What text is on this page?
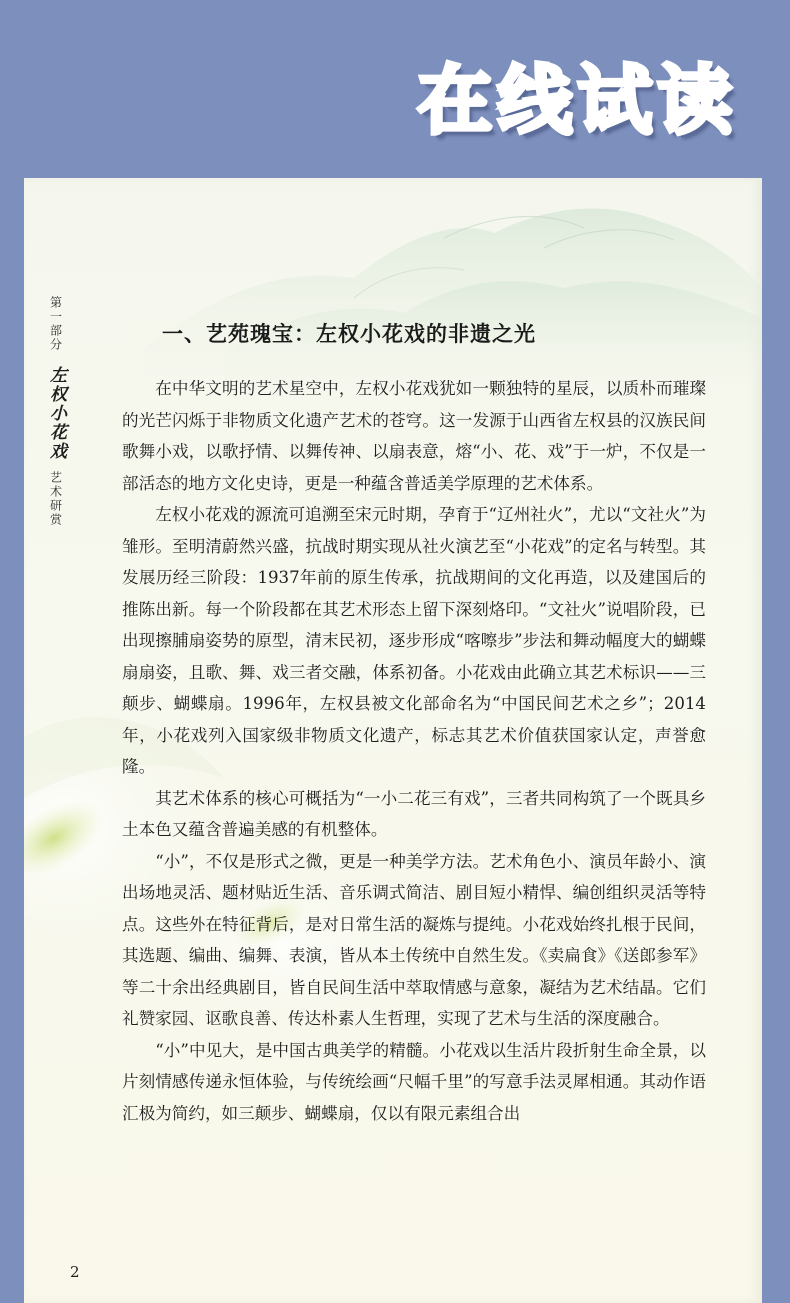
在线试读
第一部分
左权小花戏
艺术研赏
一、艺苑瑰宝：左权小花戏的非遗之光

在中华文明的艺术星空中，左权小花戏犹如一颗独特的星辰，以质朴而璀璨的光芒闪烁于非物质文化遗产艺术的苍穹。这一发源于山西省左权县的汉族民间歌舞小戏，以歌抒情、以舞传神、以扇表意，熔“小、花、戏”于一炉，不仅是一部活态的地方文化史诗，更是一种蕴含普适美学原理的艺术体系。

左权小花戏的源流可追溯至宋元时期，孕育于“辽州社火”，尤以“文社火”为雏形。至明清蔚然兴盛，抗战时期实现从社火演艺至“小花戏”的定名与转型。其发展历经三阶段：1937年前的原生传承，抗战期间的文化再造，以及建国后的推陈出新。每一个阶段都在其艺术形态上留下深刻烙印。“文社火”说唱阶段，已出现擦脯扇姿势的原型，清末民初，逐步形成“喀嚓步”步法和舞动幅度大的蝴蝶扇扇姿，且歌、舞、戏三者交融，体系初备。小花戏由此确立其艺术标识——三颠步、蝴蝶扇。1996年，左权县被文化部命名为“中国民间艺术之乡”；2014年，小花戏列入国家级非物质文化遗产，标志其艺术价值获国家认定，声誉愈隆。

其艺术体系的核心可概括为“一小二花三有戏”，三者共同构筑了一个既具乡土本色又蕴含普遍美感的有机整体。

“小”，不仅是形式之微，更是一种美学方法。艺术角色小、演员年龄小、演出场地灵活、题材贴近生活、音乐调式简洁、剧目短小精悍、编创组织灵活等特点。这些外在特征背后，是对日常生活的凝炼与提纯。小花戏始终扎根于民间，其选题、编曲、编舞、表演，皆从本土传统中自然生发。《卖扁食》《送郎参军》等二十余出经典剧目，皆自民间生活中萃取情感与意象，凝结为艺术结晶。它们礼赞家园、讴歌良善、传达朴素人生哲理，实现了艺术与生活的深度融合。

“小”中见大，是中国古典美学的精髓。小花戏以生活片段折射生命全景，以片刻情感传递永恒体验，与传统绘画“尺幅千里”的写意手法灵犀相通。其动作语汇极为简约，如三颠步、蝴蝶扇，仅以有限元素组合出

2
